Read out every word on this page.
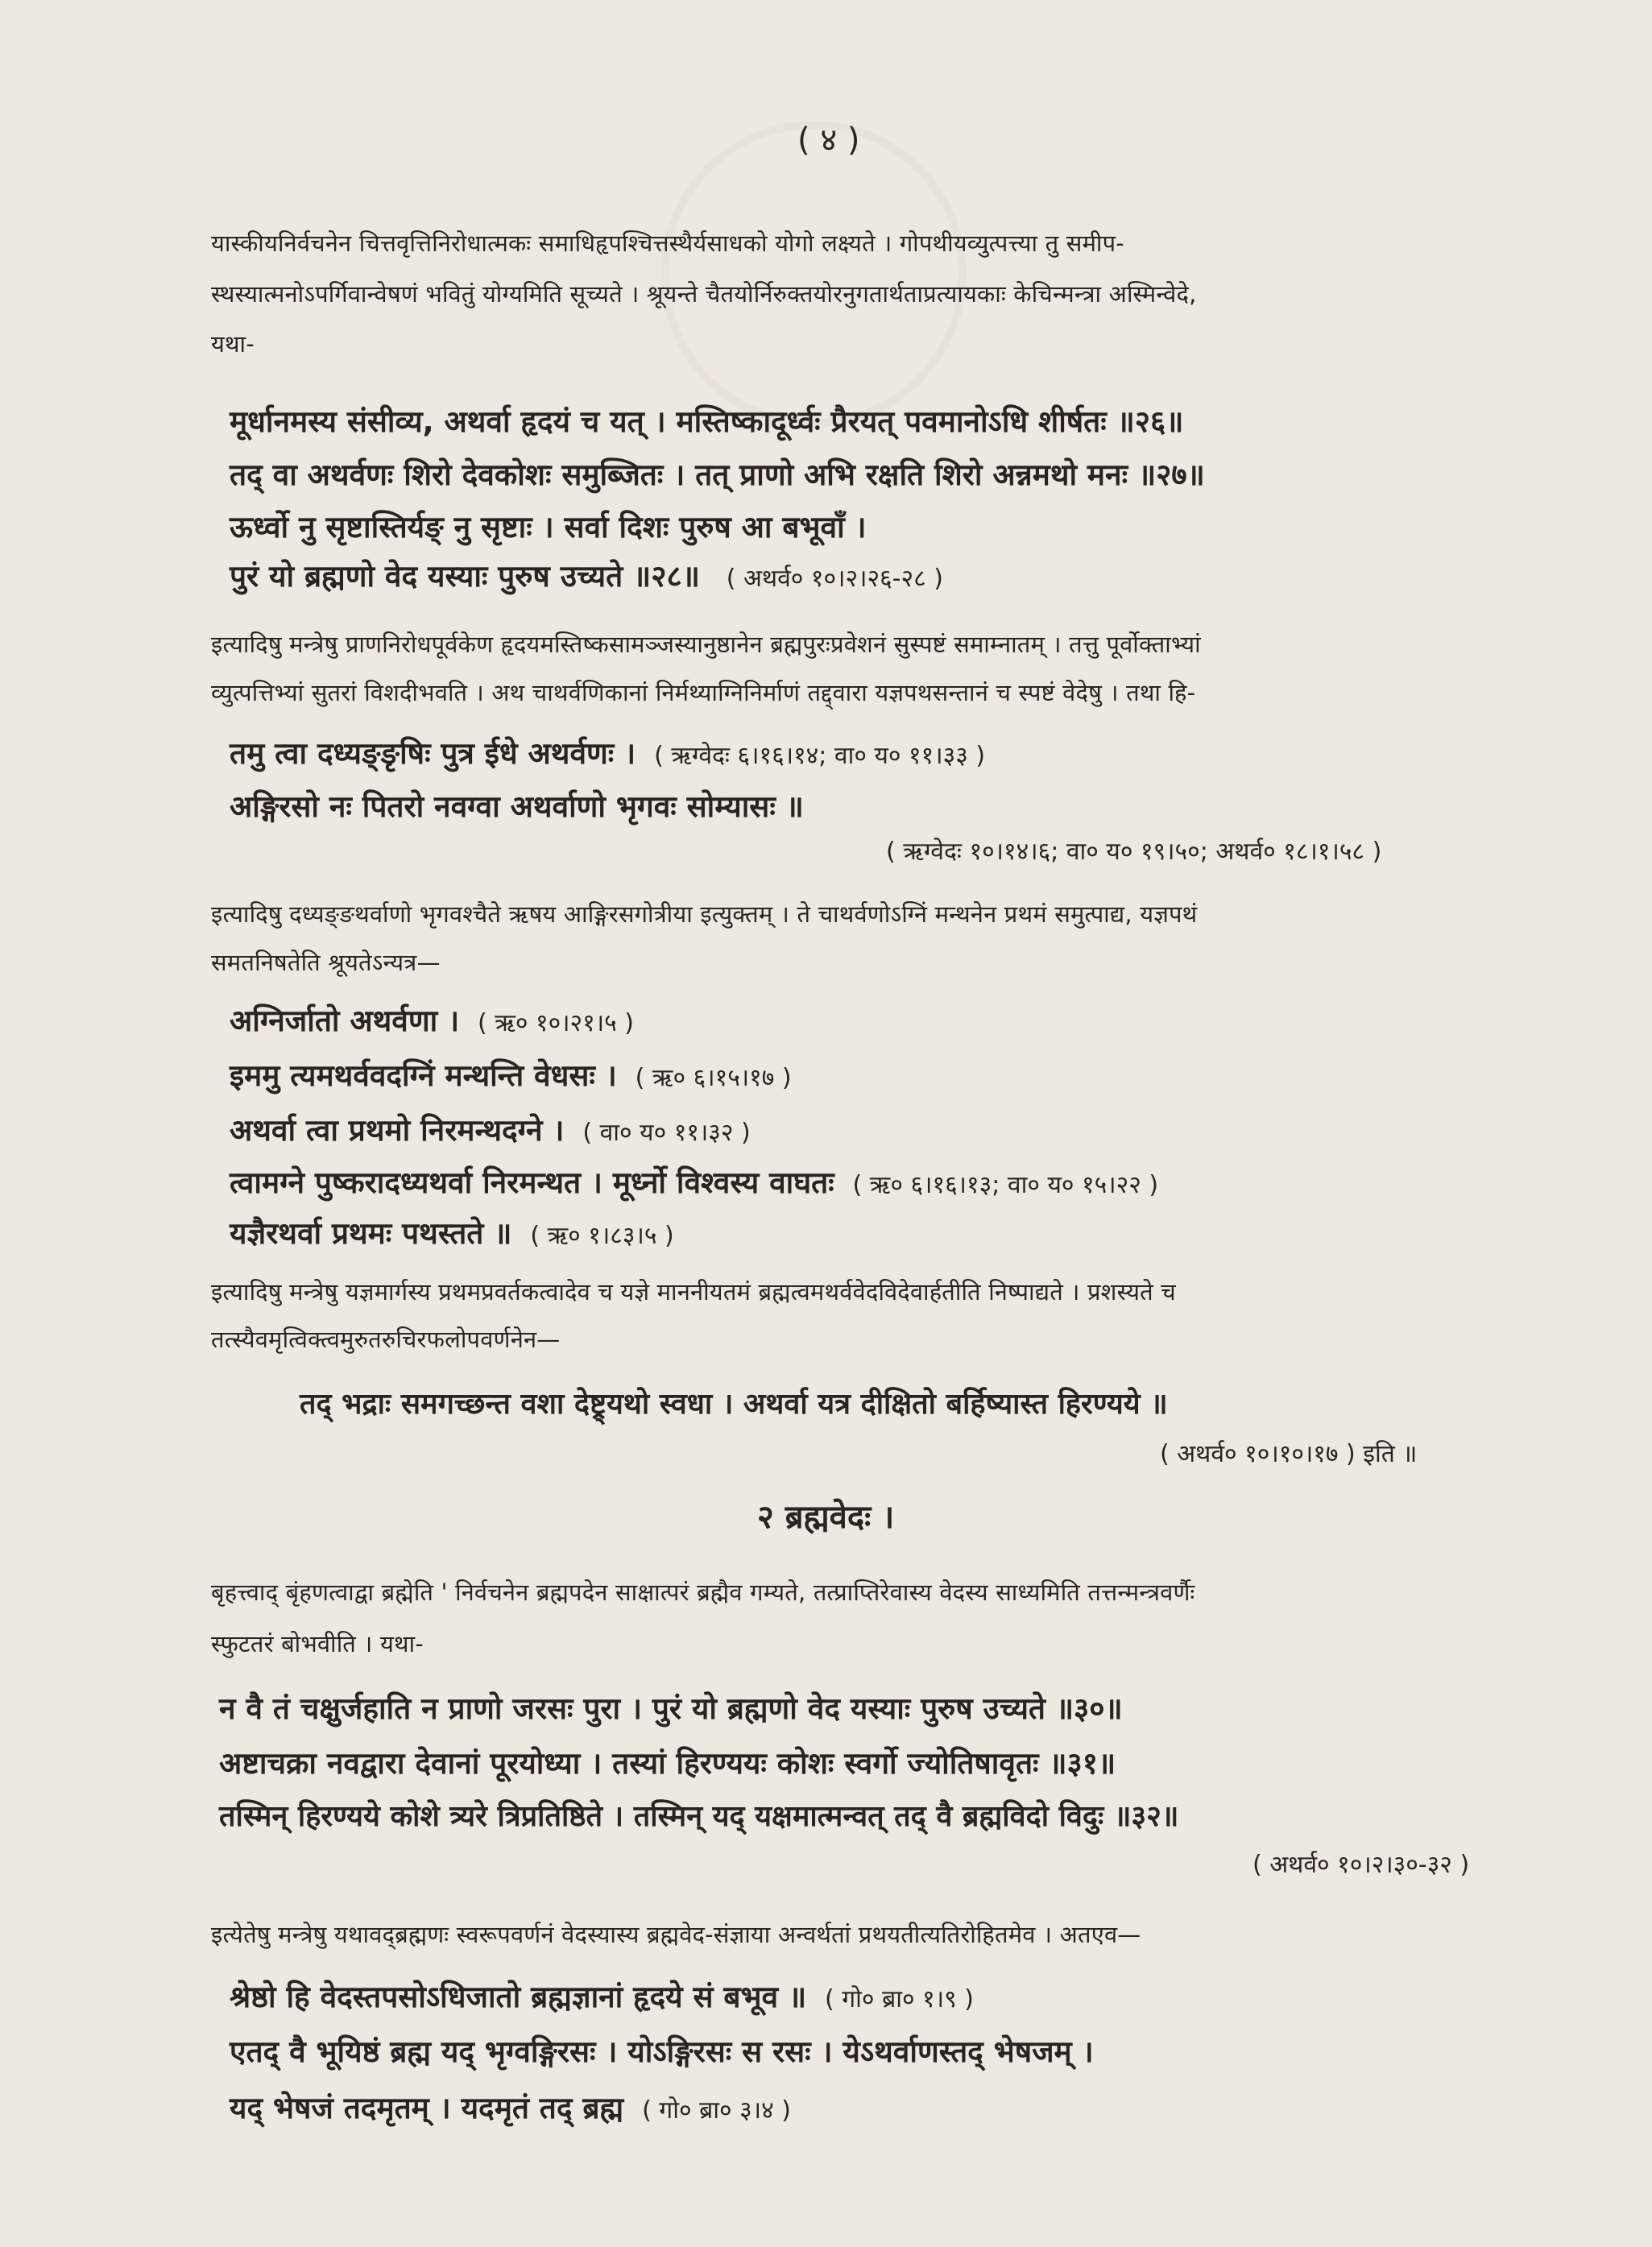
( ४ )
यास्कीयनिर्वचनेन चित्तवृत्तिनिरोधात्मकः समाधिहृपश्चित्तस्थैर्यसाधको योगो लक्ष्यते । गोपथीयव्युत्पत्त्या तु समीप-
स्थस्यात्मनोऽपर्गिवान्वेषणं भवितुं योग्यमिति सूच्यते । श्रूयन्ते चैतयोर्निरुक्तयोरनुगतार्थताप्रत्यायकाः केचिन्मन्त्रा अस्मिन्वेदे,
यथा-
मूर्धानमस्य संसीव्य, अथर्वा हृदयं च यत् । मस्तिष्कादूर्ध्वः प्रैरयत् पवमानोऽधि शीर्षतः ॥२६॥
तद् वा अथर्वणः शिरो देवकोशः समुब्जितः । तत् प्राणो अभि रक्षति शिरो अन्नमथो मनः ॥२७॥
ऊर्ध्वो नु सृष्टास्तिर्यङ् नु सृष्टाः । सर्वा दिशः पुरुष आ बभूवाँ ।
पुरं यो ब्रह्मणो वेद यस्याः पुरुष उच्यते ॥२८॥ ( अथर्व० १०।२।२६-२८ )
इत्यादिषु मन्त्रेषु प्राणनिरोधपूर्वकेण हृदयमस्तिष्कसामञ्जस्यानुष्ठानेन ब्रह्मपुरःप्रवेशनं सुस्पष्टं समाम्नातम् । तत्तु पूर्वोक्ताभ्यां
व्युत्पत्तिभ्यां सुतरां विशदीभवति । अथ चाथर्वणिकानां निर्मथ्याग्निनिर्माणं तद्द्वारा यज्ञपथसन्तानं च स्पष्टं वेदेषु । तथा हि-
तमु त्वा दध्यङ्ङृषिः पुत्र ईधे अथर्वणः । ( ऋग्वेदः ६।१६।१४; वा० य० ११।३३ )
अङ्गिरसो नः पितरो नवग्वा अथर्वाणो भृगवः सोम्यासः ॥
( ऋग्वेदः १०।१४।६; वा० य० १९।५०; अथर्व० १८।१।५८ )
इत्यादिषु दध्यङ्ङथर्वाणो भृगवश्चैते ऋषय आङ्गिरसगोत्रीया इत्युक्तम् । ते चाथर्वणोऽग्निं मन्थनेन प्रथमं समुत्पाद्य, यज्ञपथं
समतनिषतेति श्रूयतेऽन्यत्र—
अग्निर्जातो अथर्वणा । ( ऋ० १०।२१।५ )
इममु त्यमथर्ववदग्निं मन्थन्ति वेधसः । ( ऋ० ६।१५।१७ )
अथर्वा त्वा प्रथमो निरमन्थदग्ने । ( वा० य० ११।३२ )
त्वामग्ने पुष्करादध्यथर्वा निरमन्थत । मूर्ध्नो विश्वस्य वाघतः ( ऋ० ६।१६।१३; वा० य० १५।२२ )
यज्ञैरथर्वा प्रथमः पथस्तते ॥ ( ऋ० १।८३।५ )
इत्यादिषु मन्त्रेषु यज्ञमार्गस्य प्रथमप्रवर्तकत्वादेव च यज्ञे माननीयतमं ब्रह्मत्वमथर्ववेदविदेवार्हतीति निष्पाद्यते । प्रशस्यते च
तत्स्यैवमृत्विक्त्वमुरुतरुचिरफलोपवर्णनेन—
तद् भद्राः समगच्छन्त वशा देष्ट्र्यथो स्वधा । अथर्वा यत्र दीक्षितो बर्हिष्यास्त हिरण्यये ॥
( अथर्व० १०।१०।१७ ) इति ॥
२ ब्रह्मवेदः ।
बृहत्त्वाद् बृंहणत्वाद्वा ब्रह्मेति ' निर्वचनेन ब्रह्मपदेन साक्षात्परं ब्रह्मैव गम्यते, तत्प्राप्तिरेवास्य वेदस्य साध्यमिति तत्तन्मन्त्रवर्णैः
स्फुटतरं बोभवीति । यथा-
न वै तं चक्षुर्जहाति न प्राणो जरसः पुरा । पुरं यो ब्रह्मणो वेद यस्याः पुरुष उच्यते ॥३०॥
अष्टाचक्रा नवद्वारा देवानां पूरयोध्या । तस्यां हिरण्ययः कोशः स्वर्गो ज्योतिषावृतः ॥३१॥
तस्मिन् हिरण्यये कोशे त्र्यरे त्रिप्रतिष्ठिते । तस्मिन् यद् यक्षमात्मन्वत् तद् वै ब्रह्मविदो विदुः ॥३२॥
( अथर्व० १०।२।३०-३२ )
इत्येतेषु मन्त्रेषु यथावद्ब्रह्मणः स्वरूपवर्णनं वेदस्यास्य ब्रह्मवेद-संज्ञाया अन्वर्थतां प्रथयतीत्यतिरोहितमेव । अतएव—
श्रेष्ठो हि वेदस्तपसोऽधिजातो ब्रह्मज्ञानां हृदये सं बभूव ॥ ( गो० ब्रा० १।९ )
एतद् वै भूयिष्ठं ब्रह्म यद् भृग्वङ्गिरसः । योऽङ्गिरसः स रसः । येऽथर्वाणस्तद् भेषजम् ।
यद् भेषजं तदमृतम् । यदमृतं तद् ब्रह्म ( गो० ब्रा० ३।४ )
